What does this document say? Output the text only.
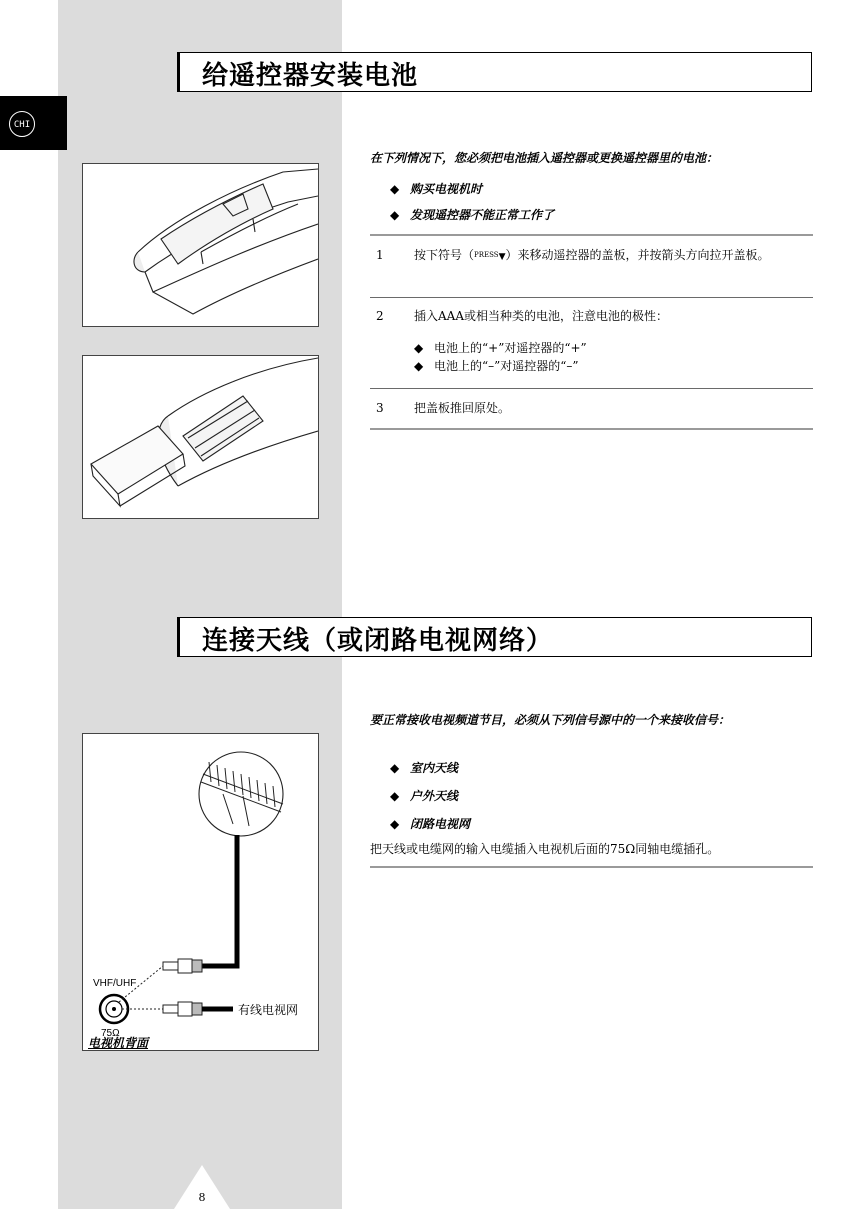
CHI
给遥控器安装电池
在下列情况下，您必须把电池插入遥控器或更换遥控器里的电池：
◆ 购买电视机时
◆ 发现遥控器不能正常工作了
1	按下符号（PRESS▼）来移动遥控器的盖板，并按箭头方向拉开盖板。
2	插入AAA或相当种类的电池，注意电池的极性：
◆ 电池上的“+”对遥控器的“+”
◆ 电池上的“–”对遥控器的“–”
3	把盖板推回原处。
连接天线（或闭路电视网络）
要正常接收电视频道节目，必须从下列信号源中的一个来接收信号：
◆ 室内天线
◆ 户外天线
◆ 闭路电视网
把天线或电缆网的输入电缆插入电视机后面的75Ω同轴电缆插孔。
VHF/UHF
有线电视网
75Ω
电视机背面
8
